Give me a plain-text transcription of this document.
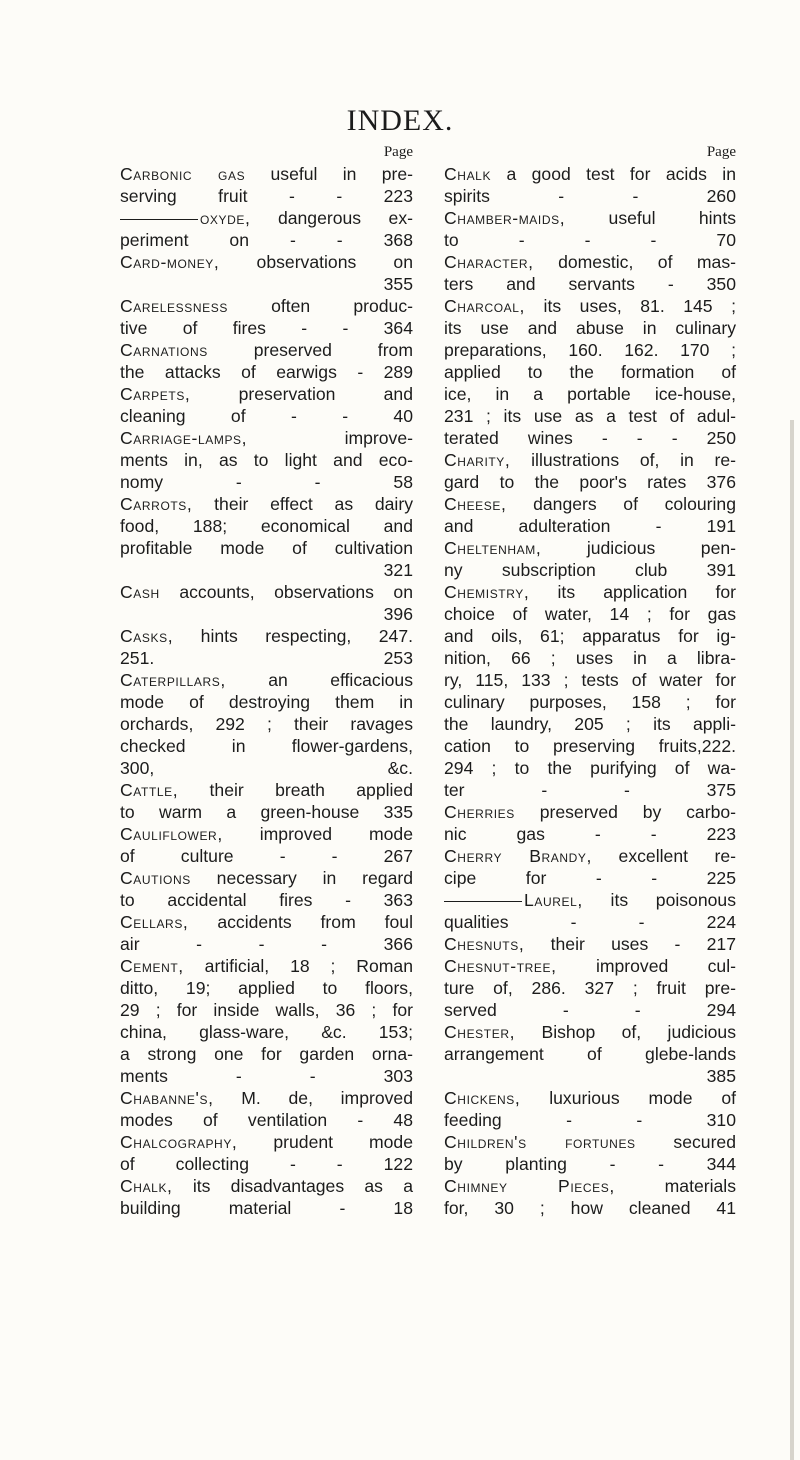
INDEX.
Page
Carbonic gas useful in pre-
serving fruit - - 223
oxyde, dangerous ex-
periment on - - 368
Card-money, observations on
355
Carelessness often produc-
tive of fires - - 364
Carnations	preserved from
the attacks of earwigs - 289
Carpets,	preservation and
cleaning of - - 40
Carriage-lamps,	improve-
ments in, as to light and eco-
nomy - - 58
Carrots, their effect as dairy
food, 188; economical and
profitable mode of cultivation
321
Cash accounts, observations on
396
Casks, hints respecting, 247.
251. 253
Caterpillars, an efficacious
mode of destroying them in
orchards, 292 ; their ravages
checked in flower-gardens,
300, &c.
Cattle, their breath applied
to warm a green-house 335
Cauliflower, improved mode
of culture - - 267
Cautions necessary in regard
to accidental fires - 363
Cellars, accidents from foul
air - - - 366
Cement, artificial, 18 ; Roman
ditto, 19; applied to floors,
29 ; for inside walls, 36 ; for
china, glass-ware, &c. 153;
a strong one for garden orna-
ments - - 303
Chabanne's, M. de, improved
modes of ventilation - 48
Chalcography, prudent mode
of collecting - - 122
Chalk, its disadvantages as a
building material - 18
Page
Chalk a good test for acids in
spirits - - 260
Chamber-maids, useful hints
to - - - 70
Character, domestic, of mas-
ters and servants - 350
Charcoal, its uses, 81. 145 ;
its use and abuse in culinary
preparations, 160. 162. 170 ;
applied to the formation of
ice, in a portable ice-house,
231 ; its use as a test of adul-
terated wines - - - 250
Charity, illustrations of, in re-
gard to the poor's rates 376
Cheese, dangers of colouring
and adulteration - 191
Cheltenham,	judicious pen-
ny subscription club 391
Chemistry, its application for
choice of water, 14 ; for gas
and oils, 61; apparatus for ig-
nition, 66 ; uses in a libra-
ry, 115, 133 ; tests of water for
culinary purposes, 158 ; for
the laundry, 205 ; its appli-
cation to preserving fruits,222.
294 ; to the purifying of wa-
ter - - 375
Cherries preserved by carbo-
nic gas - - 223
Cherry Brandy, excellent re-
cipe for - - 225
Laurel, its poisonous
qualities - - 224
Chesnuts, their uses - 217
Chesnut-tree, improved cul-
ture of, 286. 327 ; fruit pre-
served - - 294
Chester, Bishop of, judicious
arrangement of glebe-lands
385
Chickens, luxurious mode of
feeding - - 310
Children's fortunes secured
by planting - - 344
Chimney Pieces,	materials
for, 30 ; how cleaned 41
